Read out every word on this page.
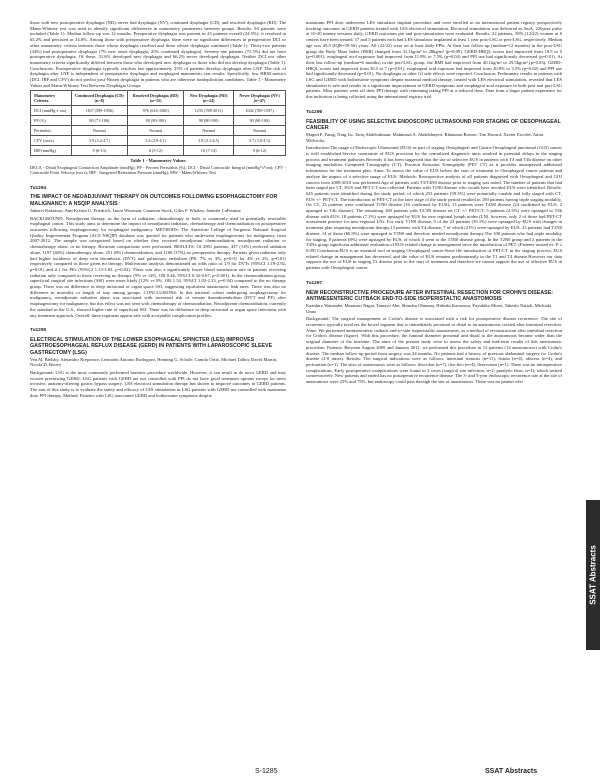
those with new postoperative dysphagia (ND), never had dysphagia (NV), continued dysphagia (CD), and resolved dysphagia (RD). The Mann-Whitney test was used to identify significant differences in manometry parameters between groups. Results: 94 patients were included (Table 1). Median follow up was 12 months. Preoperative dysphagia was present in 23 patients overall (24.5%): it resolved in 65.2% and persisted in 34.8%. Among those with preoperative dysphagia, there were no significant differences in preoperative DCI or other manometry criteria between those whose dysphagia resolved and those whose dysphagia continued (Table 1). Thirty-two patients (34%) had postoperative dysphagia (7% new onset dysphagia, 25% continued dysphagia). Seventy-one patients (75.5%) did not have postoperative dysphagia. Of these, 31.6% developed new dysphagia and 66.2% never developed dysphagia. Neither DCI nor other manometry criteria significantly differed between those who developed new dysphagia or those who did not develop dysphagia (Table 1). Conclusions: Postoperative dysphagia typically resolves but approximately 25% of patients develop dysphagia after LNF. The risk of dysphagia after LNF is independent of preoperative dysphagia and esophageal manometric test results. Specifically, low HRM metrics (DCI, IRP and CFV) do not predict post-Nissen dysphagia in patients who are otherwise fundoplication candidates. Table 1 - Manometry Values and Mann-Whitney Test Between Dysphagia Groups

Manometry Criteria	Continued Dysphagia (CD) (n=8)	Resolved Dysphagia (RD) (n=15)	New Dysphagia (ND) (n=24)	Never Dysphagia (NV) (n=47)
DCI (mmHg·s·cm)	1167 (589-1956)	976 (614-1560)	1235 (788-2011)	1042 (700-1597)
PP (%)	80 (71-100)	90 (80-100)	90 (80-100)	90 (80-100)
Peristalsis	Normal	Normal	Normal	Normal
CFV (cm/s)	3.9 (3.2-4.7)	3.4 (2.8-4.1)	3.8 (3.1-4.5)	3.7 (3.0-4.3)
IRP (mmHg)	9 (6-13)	8 (5-12)	10 (7-14)	9 (6-12)
Table 1 - Manometry Values

DECA - Distal Esophageal Contraction Amplitude (mmHg); PP - Percent Peristalsis (%); DCI - Distal Contractile Integral (mmHg*s*cm); CFV - Contractile Front Velocity (cm/s); IRP - Integrated Relaxation Pressure (mmHg); MW - Mann-Whitney Test

Tu1294
THE IMPACT OF NEOADJUVANT THERAPY ON OUTCOMES FOLLOWING ESOPHAGECTOMY FOR MALIGNANCY: A NSQIP ANALYSIS
Jahnavi Kakuturu, Ann-Kristin U. Friedrich, Jason Wiseman, Cameron Stock, Giles F. Whalen, Jennifer LaFemina

BACKGROUND: Neoadjuvant therapy, in the form of radiation, chemotherapy or both, is commonly used in potentially resectable esophageal cancer. This study aims to determine the impact of neoadjuvant radiation, chemotherapy and chemoradiation on postoperative outcomes following esophagectomy for esophageal malignancy. METHODS: The American College of Surgeons National Surgical Quality Improvement Program (ACS NSQIP) database was queried for patients who underwent esophagectomy for malignancy from 2007-2012. The sample was categorized based on whether they received neoadjuvant chemoradiation, neoadjuvant radiation or chemotherapy alone, or no therapy. Bivariate comparisons were performed. RESULTS: Of 2991 patients, 437 (14%) received radiation alone, 1197 (40%) chemotherapy alone, 251 (8%) chemoradiation, and 1106 (37%) no preoperative therapy. Patients given radiation only had higher incidence of deep vein thrombosis (DVT) and pulmonary embolism (PE; 7% vs 4%, p=0.01 for 4% vs 2%, p=0.01) respectively compared to those given no therapy. Multivariate analysis demonstrated an odds ratio of 1.9 for DVTs (95%CI 1.19-2.92, p=0.01) and 2.1 for PEs (95%CI 1.13-3.82, p=0.02). There was also a significantly lower blood transfusion rate in patients receiving radiation only compared to those receiving no therapy (9% vs 14%, OR 0.46, 95%CI 0.32-0.67, p<0.001). In the chemoradiation group, superficial surgical site infections (SSI) were more likely (12% vs 8%, OR 1.54, 95%CI 1.02-2.33, p=0.04) compared to the no therapy group. There was no difference in deep incisional or organ space SSI, suggesting equivalent anastomotic leak rates. There was also no difference in mortality or length of stay among groups. CONCLUSIONS: In this national cohort undergoing esophagectomy for malignancy, neoadjuvant radiation alone was associated with increased risk of venous thromboembolism (DVT and PE) after esophagectomy for malignancy, but this effect was not seen with chemotherapy or chemoradiation. Neoadjuvant chemoradiation, currently the standard in the U.S., showed higher rate of superficial SSI. There was no difference in deep incisional or organ space infections with any treatment approach. Overall, these regimens appear safe with acceptable complication profiles.

Tu1295
ELECTRICAL STIMULATION OF THE LOWER ESOPHAGEAL SPINCTER (LES) IMPROVES GASTROESOPHAGEAL REFLUX DISEASE (GERD) IN PATIENTS WITH LAPAROSCOPIC SLEEVE GASTRECTOMY (LSG)
Ven M. Bielsby, Alejandro Nieponice, Leonardo Antonio Rodriguez, Henning G. Schole, Camilo Ortiz, Michael Talbot, David Martin, Nicola D. Bouvy

Background: LSG is the most commonly performed bariatric procedure worldwide. However, it can result in de novo GERD and may worsen preexisting GERD. LSG patients with GERD are not controlled with PPI do not have good treatment options except for more invasive, anatomy-altering gastric bypass surgery. LES electrical stimulation therapy has shown to improve outcomes in GERD patients. The aim of this study is to evaluate the safety and efficacy of LES stimulation in LSG patients with GERD not controlled with maximum dose PPI therapy. Method: Patients with LSG associated GERD and bothersome symptoms despite

maximum PPI dose underwent LES stimulator implant procedure and were enrolled in an international patient registry prospectively tracking outcomes in GERD patients treated with LES electrical stimulation. Electrical stimulation was delivered as 5mA, 220µsec pulse at 10-20 minute sessions daily. GERD outcomes pre and post-stimulation were evaluated. Results: 22 patients, 59% (12/22) women at 6 centers have been treated. 17 and 5 patients each had LES stimulator implanted at least 1 year post-LSG or peri-LSG, respectively. Median age was 49.5 (IQR=39-56) years. All (22/22) were on at least daily PPIs. At their last follow-up (median=12 months) in the post-LSG group the Body Mass Index (BMI) changed from 31.1kg/m² to 28kg/m² (p=0.09). GERD-HRQL scores had improved from 19.5 to 5 (p=0.001), esophageal acid exposure had improved from 11.8% to 7.5% (p=0.04) and PPI use had significantly decreased (p=0.01). At their last follow-up (median=6 months) in the peri-LSG group, the BMI had improved from 40.1kg/m² to 29.5kg/m² (p=0.03), GERD-HRQL scores had improved from 30.5 to 7 (p=0.01), esophageal acid exposure had improved from 20.8% to 3.5% (p=0.02) and PPI use had significantly decreased (p=0.01). No dysphagia or other GI side effects were reported. Conclusion: Preliminary results in patients with LSG and GERD with bothersome symptoms despite maximal medical therapy, treated with LES electrical stimulation, revealed that LES stimulation is safe and results in a significant improvement in GERD symptoms and esophageal acid exposure in both post and peri-LSG patients. Most patients were off their PPI therapy with remaining taking PPI at a reduced dose. Data from a larger patient experience for this indication is being collected using the international registry trial.

Tu1296
FEASIBILITY OF USING SELECTIVE ENDOSCOPIC ULTRASOUND FOR STAGING OF OESOPHAGEAL CANCER
Maged F. Farag, Ning Lu, Tariq Abdelrahman, Mahmoud A. Abdelshayeri, Rhiannon Bowen, Tim Havard, Xavier Escofet, Anita Willcocks

Introduction:The usage of Endoscopic Ultrasound (EUS) as part of staging Oesophageal and Gastro-Oesophageal junctional (GOJ) cancer is well established.Service constraints of EUS provision by the centralized diagnostic units resulted in potential delays in the staging process and treatment pathways.Recently it has been suggested that the use of selective EUS in patients with T4 and T4b disease on other imaging modalities Computed Tomography (CT), Positron Emission Tomography (PET CT) as it provides unsurpassed additional information for the treatment plan. Aims: To assess the value of EUS before the start of treatment in Oesophageal cancer patients and analyze the impact of a selective usage of EUS. Methods: Retrospective analysis of all patients diagnosed with Oesophageal and GOJ cancers from 2008-2010 was performed.Age of patients with T3/T4N0 disease prior to staging was noted. The number of patients that had been staged pre CT, EUS and PET CT was collected. Patients with T1N0 disease who would have avoided EUS were identified. Results: 645 patients were identified during the study period, of which 253 patients (39.3%) were potentially curable and fully staged with CT, EUS +/- PET-CT. The introduction of PET-CT in the later stage of the study period resulted in 100 patients having triple staging modality. On CT, 23 patients were confirmed T1N0 disease (16 confirmed by EUS), 13 patients were T4N0 disease (24 confirmed by EUS, 2 upstaged to T4b disease). The remaining 160 patients with T2/3N disease on CT +/- PET-CT, 5 patients (2.5%) were upstaged to T4b disease with EUS, 18 patients (7.1%) were upstaged by EUS for new regional lymph nodes (LN), however, only 2 of those had PET-CT assessment positive for new regional LNs. For early T1N0 disease, 9 of the 23 patients (39.1%) were upstaged by EUS with changes in treatment plan requiring neoadjuvant therapy.13 patients with T4 disease, 7 of which (21%) were upstaged by EUS. 23 patients had T2N0 disease, 14 of those (60.9%) were upstaged to T3N0 and therefore needed neoadjuvant therapy.The 100 patients who had triple modality for staging, 8 patients (8%) were upstaged by EUS, of which 4 went to the T3N0 disease group. In the T2N0 group and 2 patients in the T4Nx group significant additional evaluation of EUS related change in management since the introduction of PET. (Patients treated ex. P ≥ 0.09) Conclusion:EUS is an essential tool in staging Oesophageal cancer.Since the introduction of PET-CT in the staging process, EUS related change in management has decreased, and the value of EUS remains predominantly in the T1 and T4 disease.However our data supports the use of EUS in staging T2 disease prior to the start of treatment and therefore we cannot support the use of selective EUS in patients with Oesophageal cancer.

Tu1297
NEW RECONSTRUCTIVE PROCEDURE AFTER INTESTINAL RESECTION FOR CROHN'S DISEASE: ANTIMESENTERIC CUTBACK END-TO-SIDE ISOPERISTALTIC ANASTOMOSIS
Kazuhiro Watanabe, Masanori Nagai, Tamayo Abe, Shinobu Ohnuma, Hideaki Karasawa, Fuyuhiko Motoi, Takeshi Naitoh, Michiaki Unno

Background: The surgical management of Crohn's disease is associated with a risk for postoperative disease recurrence. The site of recurrence typically involves the bowel segment that is immediately proximal or distal to an anastomosis created after intestinal resection. Aims: We performed antimesenteric cutback end-to-side isoperistaltic anastomosis, as a method of reconstruction after intestinal resection for Crohn's disease (figure). With this procedure, the luminal diameter proximal and distal to the anastomosis became wider than the original diameter of the intestine. The aims of the present study were to assess the safety and mid-term results of this anastomotic procedure. Patients: Between August 2009 and January 2011, we performed this procedure in 12 patients (14 anastomoses) with Crohn's disease. The median follow-up period from surgery was 24 months. No patients had a history of previous abdominal surgery for Crohn's disease (2-8 times). Results: The surgical indications were as follows: intestinal stenosis (n=11), fistula (n=4), abscess (n=4), and perforation (n=1). The sites of anastomosis were as follows: ileocolon (n=7), ileo-ileo (n=4), ileorectum (n=1). There was no intraoperative complications. Early postoperative complications were found in 3 cases (surgical site infection, n=2; paralytic ileus, n=1), which treated conservatively. New patients and ended has no postoperative recurrence disease. The 3- and 5-year endoscopic recurrence rate at the site of anastomosis were 25% and 75%, but endoscopy could pass through the site of anastomosis. There was no patient who

SSAT Abstracts
S-1285	SSAT Abstracts
